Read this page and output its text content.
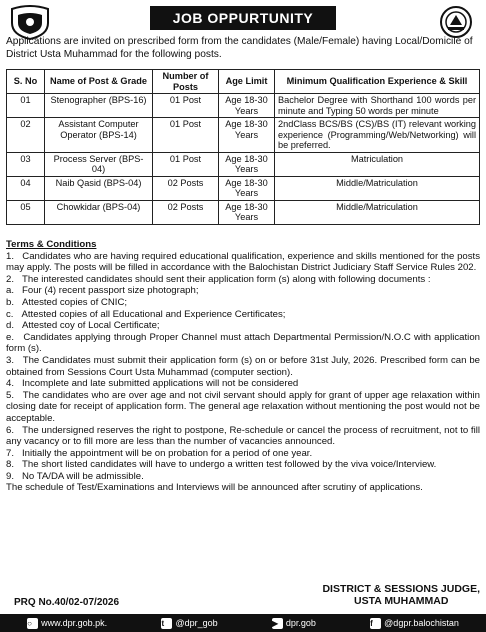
JOB OPPURTUNITY
Applications are invited on prescribed form from the candidates (Male/Female) having Local/Domicile of District Usta Muhammad for the following posts.
S. No	Name of Post & Grade	Number of Posts	Age Limit	Minimum Qualification Experience & Skill
01	Stenographer (BPS-16)	01 Post	Age 18-30 Years	Bachelor Degree with Shorthand 100 words per minute and Typing 50 words per minute
02	Assistant Computer Operator (BPS-14)	01 Post	Age 18-30 Years	2ndClass BCS/BS (CS)/BS (IT) relevant working experience (Programming/Web/Networking) will be preferred.
03	Process Server (BPS-04)	01 Post	Age 18-30 Years	Matriculation
04	Naib Qasid (BPS-04)	02 Posts	Age 18-30 Years	Middle/Matriculation
05	Chowkidar (BPS-04)	02 Posts	Age 18-30 Years	Middle/Matriculation

Terms & Conditions

1.   Candidates who are having required educational qualification, experience and skills mentioned for the posts may apply. The posts will be filled in accordance with the Balochistan District Judiciary Staff Service Rules 202.

2.   The interested candidates should sent their application form (s) along with following documents :

a.   Four (4) recent passport size photograph;

b.   Attested copies of CNIC;

c.   Attested copies of all Educational and Experience Certificates;

d.   Attested coy of Local Certificate;

e.   Candidates applying through Proper Channel must attach Departmental Permission/N.O.C with application form (s).

3.   The Candidates must submit their application form (s) on or before 31st July, 2026. Prescribed form can be obtained from Sessions Court Usta Muhammad (computer section).

4.   Incomplete and late submitted applications will not be considered

5.   The candidates who are over age and not civil servant should apply for grant of upper age relaxation within closing date for receipt of application form. The general age relaxation without mentioning the post would not be acceptable.

6.   The undersigned reserves the right to postpone, Re-schedule or cancel the process of recruitment, not to fill any vacancy or to fill more are less than the number of vacancies announced.

7.   Initially the appointment will be on probation for a period of one year.

8.   The short listed candidates will have to undergo a written test followed by the viva voice/Interview.

9.   No TA/DA will be admissible.

The schedule of Test/Examinations and Interviews will be announced after scrutiny of applications.

PRQ No.40/02-07/2026
DISTRICT & SESSIONS JUDGE,
USTA MUHAMMAD
○	www.dpr.gob.pk.	t	@dpr_gob	▶ dpr.gob	f	@dgpr.balochistan
